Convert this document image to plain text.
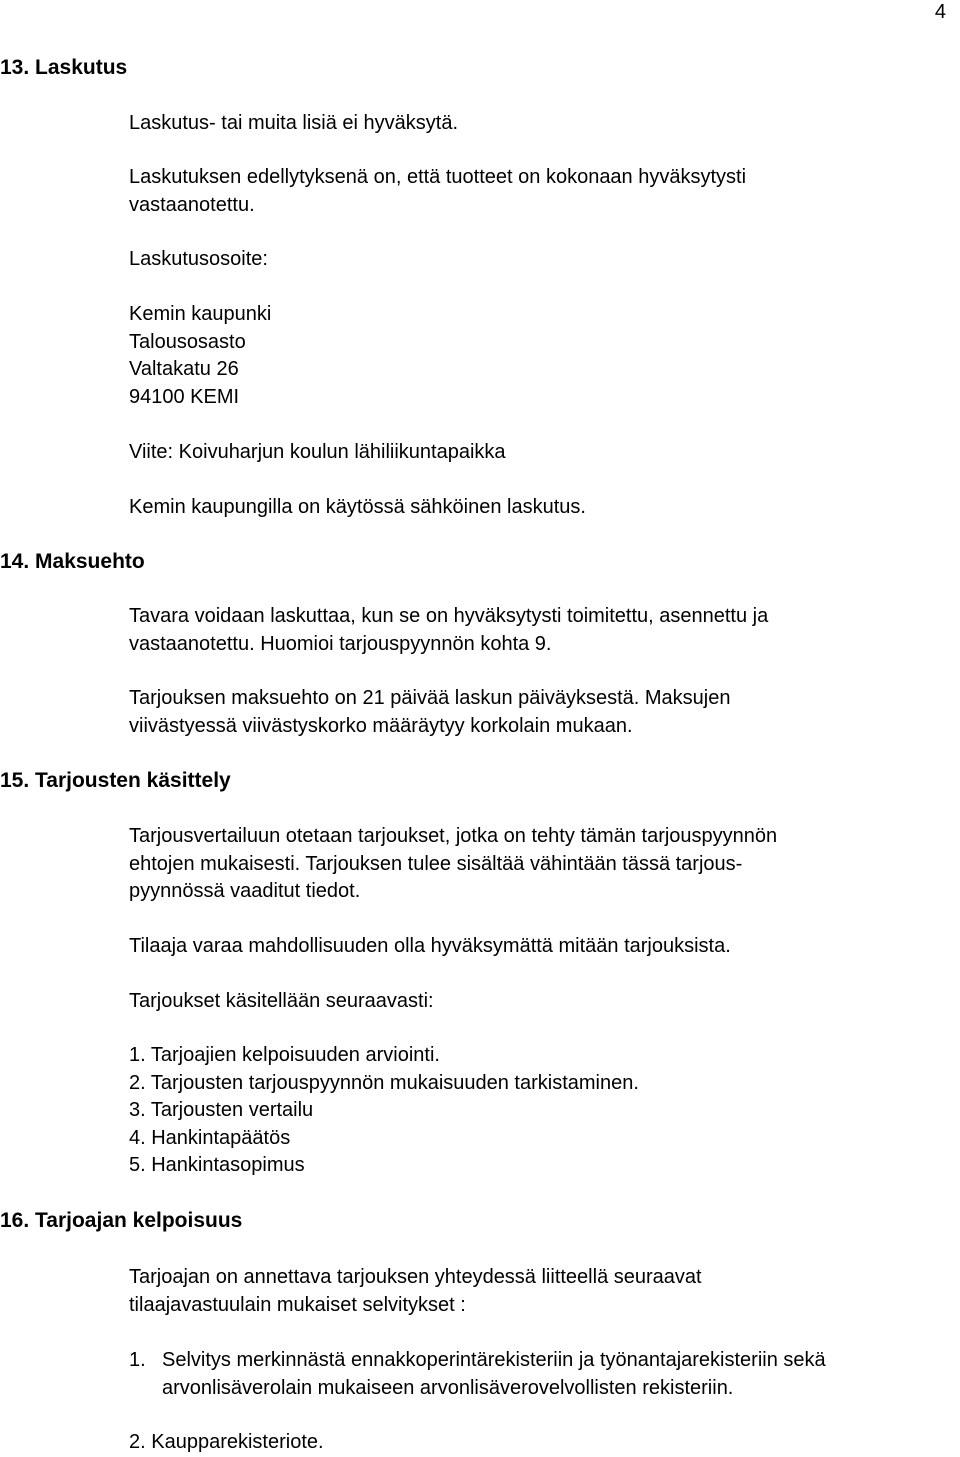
4
13. Laskutus
Laskutus- tai muita lisiä ei hyväksytä.
Laskutuksen edellytyksenä on, että tuotteet on kokonaan hyväksytysti
vastaanotettu.
Laskutusosoite:
Kemin kaupunki
Talousosasto
Valtakatu 26
94100 KEMI
Viite: Koivuharjun koulun lähiliikuntapaikka
Kemin kaupungilla on käytössä sähköinen laskutus.
14. Maksuehto
Tavara voidaan laskuttaa, kun se on hyväksytysti toimitettu, asennettu ja
vastaanotettu. Huomioi tarjouspyynnön kohta 9.
Tarjouksen maksuehto on 21 päivää laskun päiväyksestä. Maksujen
viivästyessä viivästyskorko määräytyy korkolain mukaan.
15. Tarjousten käsittely
Tarjousvertailuun otetaan tarjoukset, jotka on tehty tämän tarjouspyynnön
ehtojen mukaisesti. Tarjouksen tulee sisältää vähintään tässä tarjous-
pyynnössä vaaditut tiedot.
Tilaaja varaa mahdollisuuden olla hyväksymättä mitään tarjouksista.
Tarjoukset käsitellään seuraavasti:
1. Tarjoajien kelpoisuuden arviointi.
2. Tarjousten tarjouspyynnön mukaisuuden tarkistaminen.
3. Tarjousten vertailu
4. Hankintapäätös
5. Hankintasopimus
16. Tarjoajan kelpoisuus
Tarjoajan on annettava tarjouksen yhteydessä liitteellä seuraavat
tilaajavastuulain mukaiset selvitykset :
1. Selvitys merkinnästä ennakkoperintärekisteriin ja työnantajarekisteriin sekä
arvonlisäverolain mukaiseen arvonlisäverovelvollisten rekisteriin.
2. Kaupparekisteriote.
